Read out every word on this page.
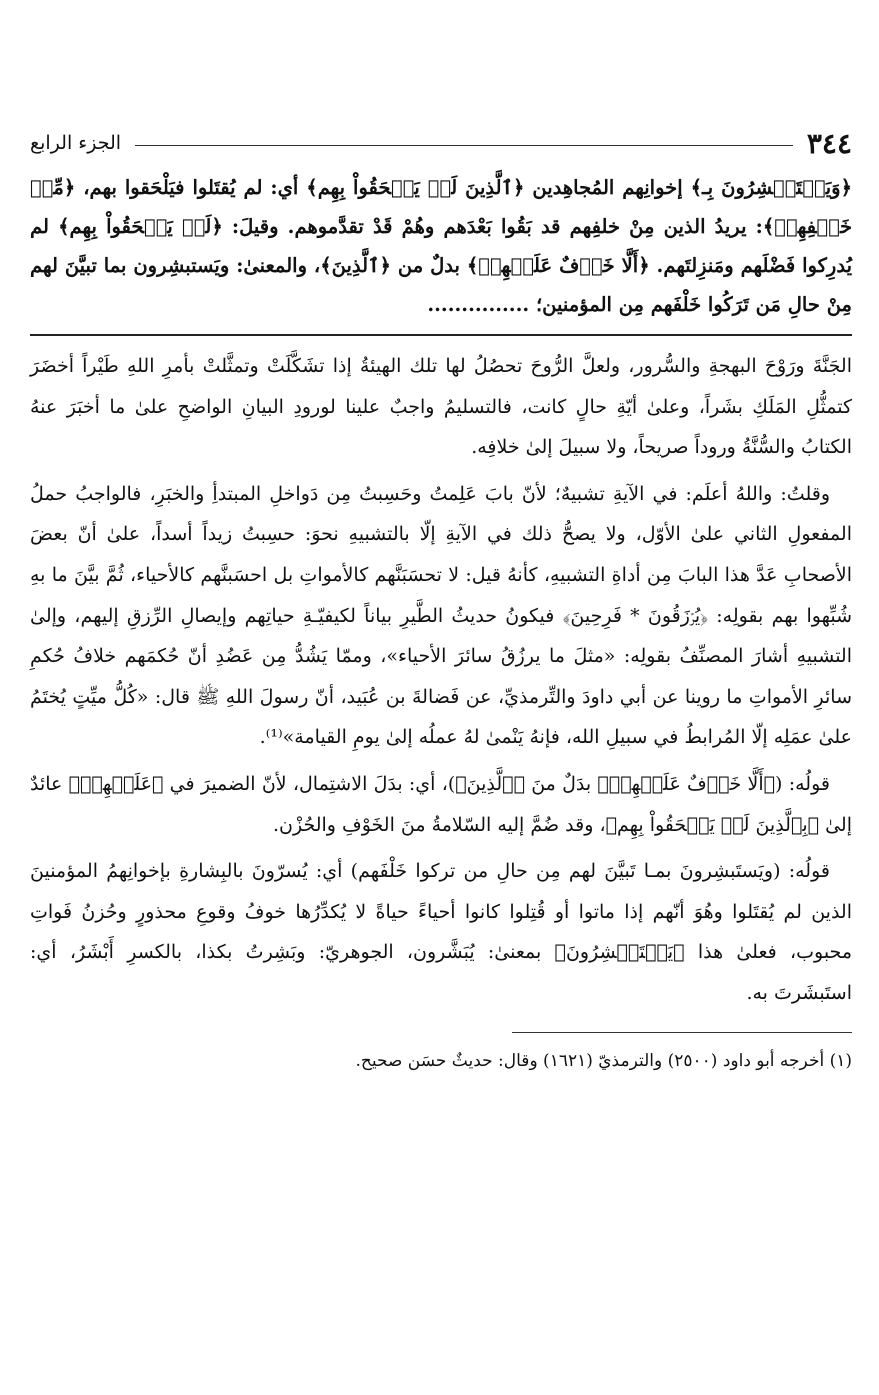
٣٤٤
الجزء الرابع

﴿وَيَسۡتَبۡشِرُونَ بِـ﴾ إخوانِهم المُجاهِدين ﴿ٱلَّذِينَ لَمۡ يَلۡحَقُواْ بِهِم﴾ أي: لم يُقتَلوا فيَلْحَقوا بهم، ﴿مِّنۡ خَلۡفِهِمۡ﴾: يريدُ الذين مِنْ خلفِهم قد بَقُوا بَعْدَهم وهُمْ قَدْ تقدَّموهم. وقيلَ: ﴿لَمۡ يَلۡحَقُواْ بِهِم﴾ لم يُدرِكوا فَضْلَهم ومَنزِلتَهم. ﴿أَلَّا خَوۡفٌ عَلَيۡهِمۡ﴾ بدلٌ من ﴿ٱلَّذِينَ﴾، والمعنىٰ: ويَستبشِرون بما تبيَّنَ لهم مِنْ حالِ مَن تَرَكُوا خَلْفَهم مِن المؤمنين؛ ...............

الجَنَّةَ ورَوْحَ البهجةِ والسُّرور، ولعلَّ الرُّوحَ تحصُلُ لها تلك الهيئةُ إذا تشَكَّلَتْ وتمثَّلتْ بأمرِ اللهِ طَيْراً أخضَرَ كتمثُّلِ المَلَكِ بشَراً، وعلىٰ أيّةِ حالٍ كانت، فالتسليمُ واجبٌ علينا لورودِ البيانِ الواضحِ علىٰ ما أخبَرَ عنهُ الكتابُ والسُّنَّةُ وروداً صريحاً، ولا سبيلَ إلىٰ خلافِه.

وقلتُ: واللهُ أعلَم: في الآيةِ تشبيهٌ؛ لأنّ بابَ عَلِمتُ وحَسِبتُ مِن دَواخلِ المبتدأِ والخبَرِ، فالواجبُ حملُ المفعولِ الثاني علىٰ الأوّل، ولا يصحُّ ذلك في الآيةِ إلّا بالتشبيهِ نحوَ: حسِبتُ زيداً أسداً، علىٰ أنّ بعضَ الأصحابِ عَدَّ هذا البابَ مِن أداةِ التشبيهِ، كأنهُ قيل: لا تحسَبَنَّهم كالأمواتِ بل احسَبنَّهم كالأحياء، ثُمَّ بيَّنَ ما بهِ شُبِّهوا بهم بقولِه: ﴿يُرۡزَقُونَ * فَرِحِينَ﴾ فيكونُ حديثُ الطَّيرِ بياناً لكيفيّـةِ حياتِهم وإيصالِ الرِّزقِ إليهم، وإلىٰ التشبيهِ أشارَ المصنِّفُ بقولِه: «مثلَ ما يرزُقُ سائرَ الأحياء»، وممّا يَشُدُّ مِن عَضُدِ أنّ حُكمَهم خلافُ حُكمِ سائرِ الأمواتِ ما روينا عن أبي داودَ والتِّرمذيِّ، عن فَضالةَ بن عُبَيد، أنّ رسولَ اللهِ ﷺ قال: «كُلُّ ميِّتٍ يُختَمُ علىٰ عمَلِه إلّا المُرابطُ في سبيلِ الله، فإنهُ يَنْمىٰ لهُ عملُه إلىٰ يومِ القيامة»⁽¹⁾.

قولُه: (﴿أَلَّا خَوۡفٌ عَلَيۡهِمۡ﴾ بدَلٌ منَ ﴿ٱلَّذِينَ﴾)، أي: بدَلَ الاشتِمال، لأنّ الضميرَ في ﴿عَلَيۡهِمۡ﴾ عائدٌ إلىٰ ﴿بِٱلَّذِينَ لَمۡ يَلۡحَقُواْ بِهِم﴾، وقد ضُمَّ إليه السّلامةُ منَ الخَوْفِ والحُزْن.

قولُه: (ويَستَبشِرونَ بمـا تَبيَّنَ لهم مِن حالِ من تركوا خَلْفَهم) أي: يُسرّونَ بالبِشارةِ بإخوانِهمُ المؤمنينَ الذين لم يُقتَلوا وهُوَ أنّهم إذا ماتوا أو قُتِلوا كانوا أحياءً حياةً لا يُكدِّرُها خوفُ وقوعِ محذورٍ وحُزنُ فَواتِ محبوب، فعلىٰ هذا ﴿يَسۡتَبۡشِرُونَ﴾ بمعنىٰ: يُبَشَّرون، الجوهريّ: وبَشِرتُ بكذا، بالكسرِ أَبْشَرُ، أي: استَبشَرتَ به.

(١) أخرجه أبو داود (٢٥٠٠) والترمذيّ (١٦٢١) وقال: حديثٌ حسَن صحيح.
